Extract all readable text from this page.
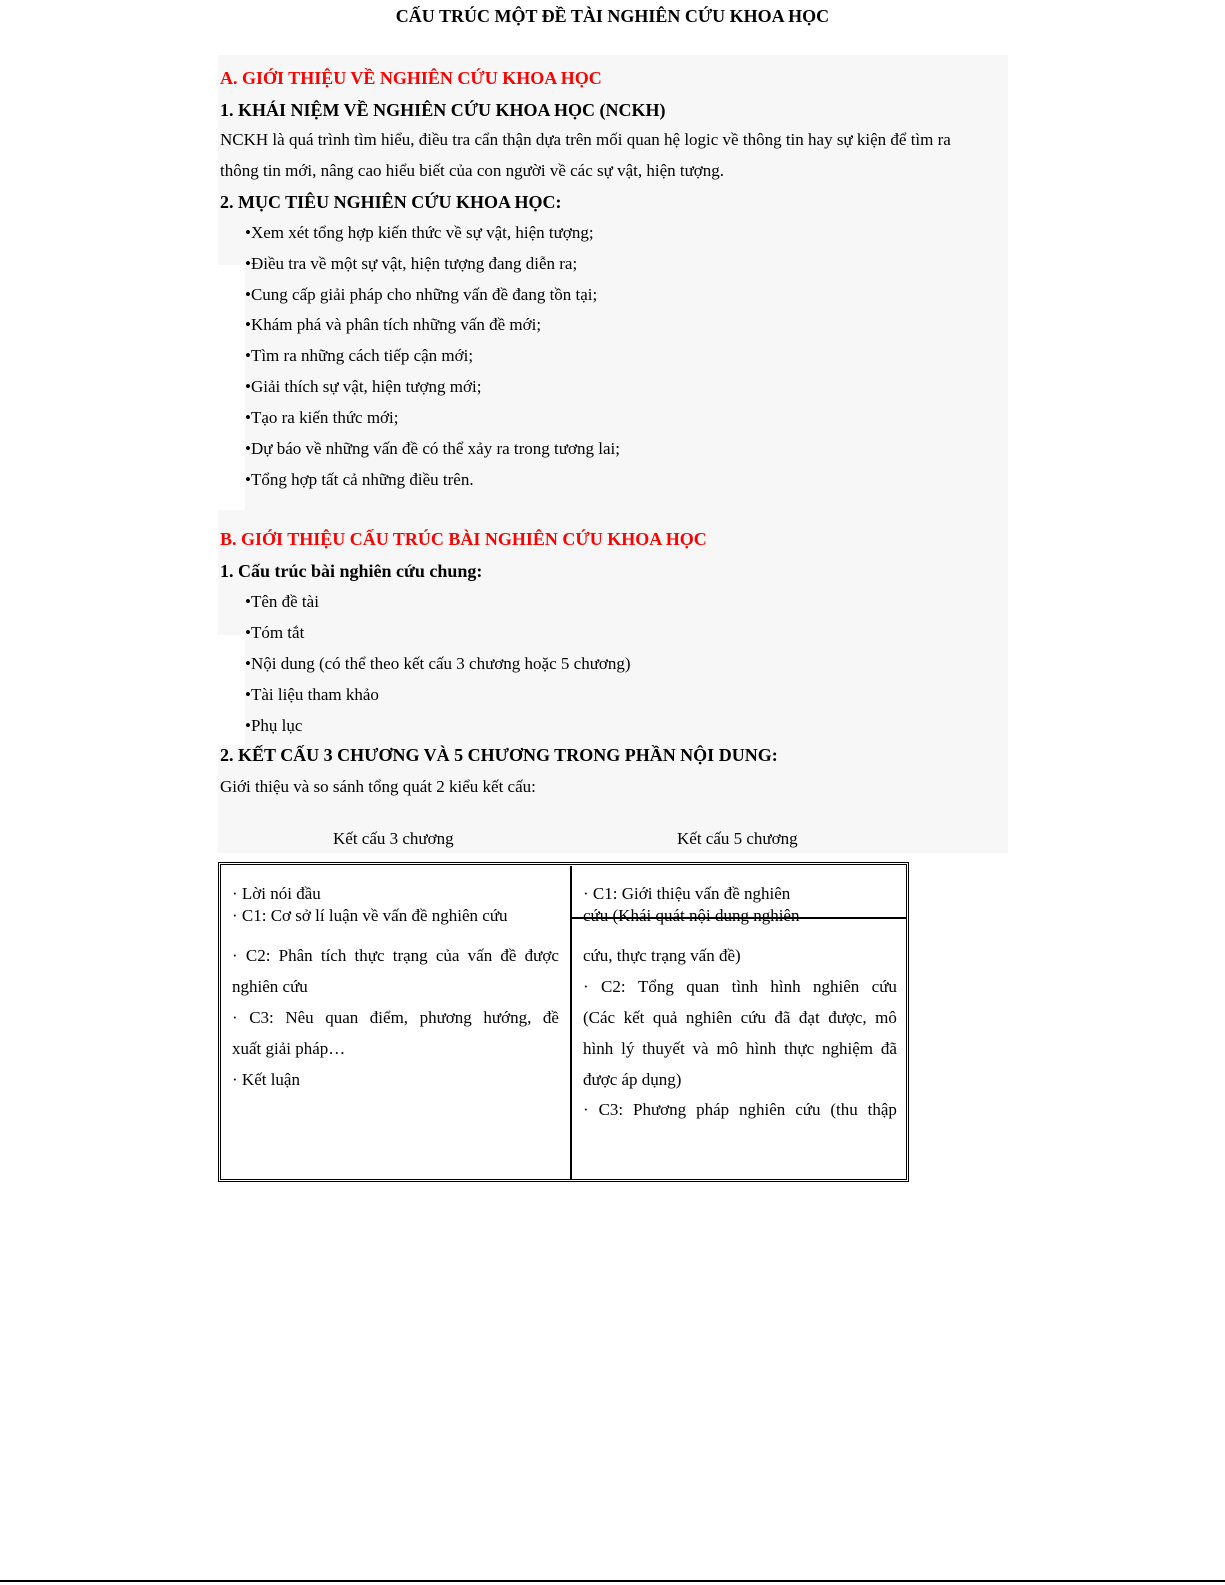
CẤU TRÚC MỘT ĐỀ TÀI NGHIÊN CỨU KHOA HỌC
A. GIỚI THIỆU VỀ NGHIÊN CỨU KHOA HỌC
1. KHÁI NIỆM VỀ NGHIÊN CỨU KHOA HỌC (NCKH)
NCKH là quá trình tìm hiểu, điều tra cẩn thận dựa trên mối quan hệ logic về thông tin hay sự kiện để tìm ra
thông tin mới, nâng cao hiểu biết của con người về các sự vật, hiện tượng.
2. MỤC TIÊU NGHIÊN CỨU KHOA HỌC:
•Xem xét tổng hợp kiến thức về sự vật, hiện tượng;
•Điều tra về một sự vật, hiện tượng đang diễn ra;
•Cung cấp giải pháp cho những vấn đề đang tồn tại;
•Khám phá và phân tích những vấn đề mới;
•Tìm ra những cách tiếp cận mới;
•Giải thích sự vật, hiện tượng mới;
•Tạo ra kiến thức mới;
•Dự báo về những vấn đề có thể xảy ra trong tương lai;
•Tổng hợp tất cả những điều trên.
B. GIỚI THIỆU CẤU TRÚC BÀI NGHIÊN CỨU KHOA HỌC
1. Cấu trúc bài nghiên cứu chung:
•Tên đề tài
•Tóm tắt
•Nội dung (có thể theo kết cấu 3 chương hoặc 5 chương)
•Tài liệu tham khảo
•Phụ lục
2. KẾT CẤU 3 CHƯƠNG VÀ 5 CHƯƠNG TRONG PHẦN NỘI DUNG:
Giới thiệu và so sánh tổng quát 2 kiểu kết cấu:
Kết cấu 3 chương	Kết cấu 5 chương
· Lời nói đầu
· C1: Cơ sở lí luận về vấn đề nghiên cứu
· C2: Phân tích thực trạng của vấn đề được
nghiên cứu
· C3: Nêu quan điểm, phương hướng, đề
xuất giải pháp…
· Kết luận
· C1: Giới thiệu vấn đề nghiên
cứu (Khái quát nội dung nghiên
cứu, thực trạng vấn đề)
· C2: Tổng quan tình hình nghiên cứu
(Các kết quả nghiên cứu đã đạt được, mô
hình lý thuyết và mô hình thực nghiệm đã
được áp dụng)
· C3: Phương pháp nghiên cứu (thu thập
